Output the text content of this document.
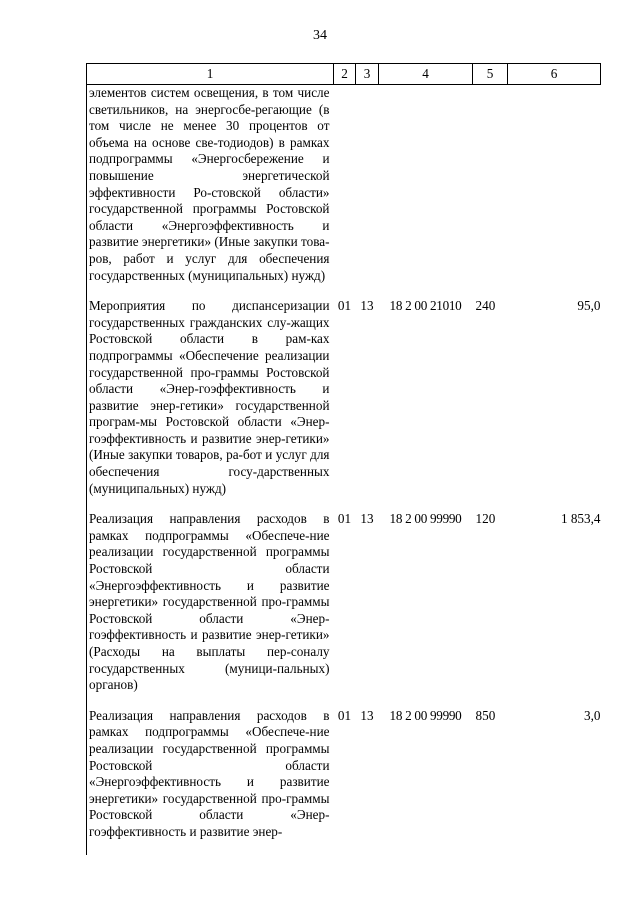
34
1	2	3	4	5	6
элементов систем освещения, в том числе светильников, на энергосбе-регающие (в том числе не менее 30 процентов от объема на основе све-тодиодов) в рамках подпрограммы «Энергосбережение и повышение энергетической эффективности Ро-стовской области» государственной программы Ростовской области «Энергоэффективность и развитие энергетики» (Иные закупки това-ров, работ и услуг для обеспечения государственных (муниципальных) нужд)					
Мероприятия по диспансеризации государственных гражданских слу-жащих Ростовской области в рам-ках подпрограммы «Обеспечение реализации государственной про-граммы Ростовской области «Энер-гоэффективность и развитие энер-гетики» государственной програм-мы Ростовской области «Энер-гоэффективность и развитие энер-гетики» (Иные закупки товаров, ра-бот и услуг для обеспечения госу-дарственных (муниципальных) нужд)	01	13	18 2 00 21010	240	95,0
Реализация направления расходов в рамках подпрограммы «Обеспече-ние реализации государственной программы Ростовской области «Энергоэффективность и развитие энергетики» государственной про-граммы Ростовской области «Энер-гоэффективность и развитие энер-гетики» (Расходы на выплаты пер-соналу государственных (муници-пальных) органов)	01	13	18 2 00 99990	120	1 853,4
Реализация направления расходов в рамках подпрограммы «Обеспече-ние реализации государственной программы Ростовской области «Энергоэффективность и развитие энергетики» государственной про-граммы Ростовской области «Энер-гоэффективность и развитие энер-	01	13	18 2 00 99990	850	3,0
